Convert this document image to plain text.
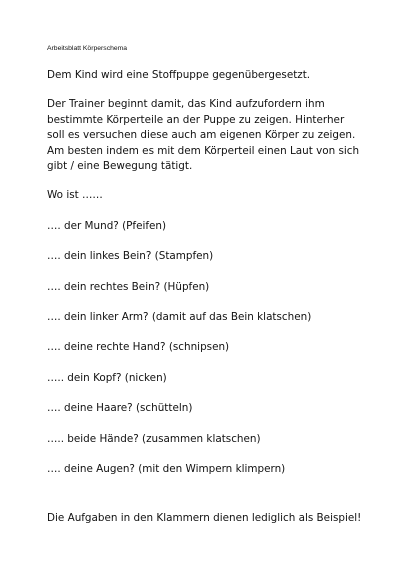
Arbeitsblatt Körperschema

Dem Kind wird eine Stoffpuppe gegenübergesetzt.

Der Trainer beginnt damit, das Kind aufzufordern ihm
bestimmte Körperteile an der Puppe zu zeigen. Hinterher
soll es versuchen diese auch am eigenen Körper zu zeigen.
Am besten indem es mit dem Körperteil einen Laut von sich
gibt / eine Bewegung tätigt.

Wo ist ……

…. der Mund? (Pfeifen)

…. dein linkes Bein? (Stampfen)

…. dein rechtes Bein? (Hüpfen)

…. dein linker Arm? (damit auf das Bein klatschen)

…. deine rechte Hand? (schnipsen)

….. dein Kopf? (nicken)

…. deine Haare? (schütteln)

….. beide Hände? (zusammen klatschen)

…. deine Augen? (mit den Wimpern klimpern)

Die Aufgaben in den Klammern dienen lediglich als Beispiel!
